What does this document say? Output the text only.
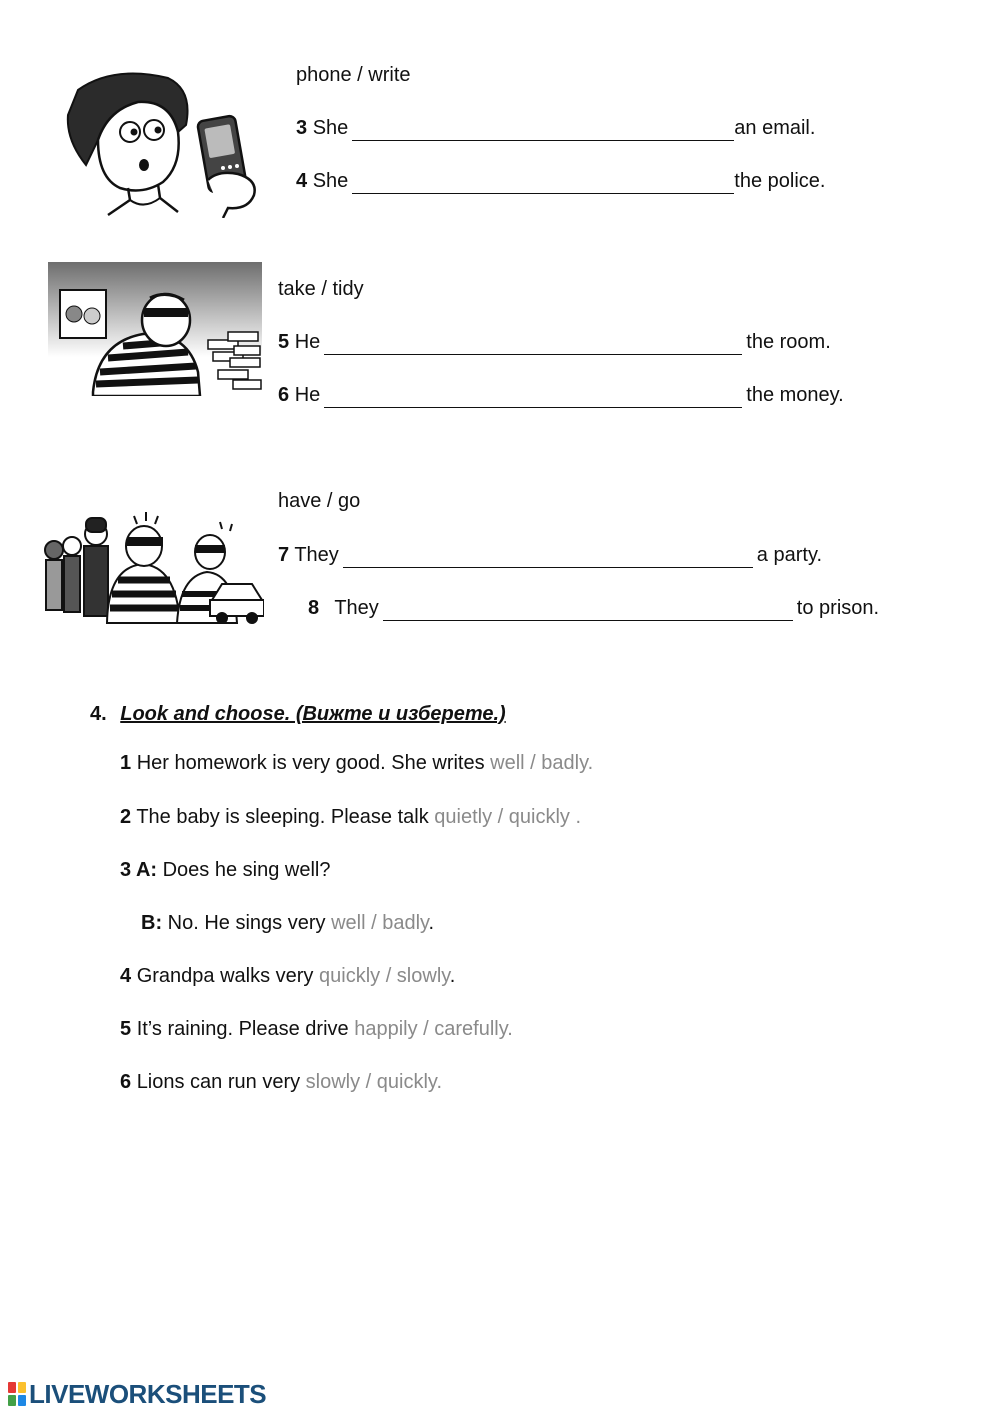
phone / write
3 She	an email.
4 She	the police.
take / tidy
5 He	the room.
6 He	the money.
have / go
7 They	a party.
8 They	to prison.
4. Look and choose. (Вижте и изберете.)
1 Her homework is very good. She writes well / badly.
2 The baby is sleeping. Please talk quietly / quickly .
3 A: Does he sing well?
B: No. He sings very well / badly.
4 Grandpa walks very quickly / slowly.
5 It’s raining. Please drive happily / carefully.
6 Lions can run very slowly / quickly.
LIVEWORKSHEETS
